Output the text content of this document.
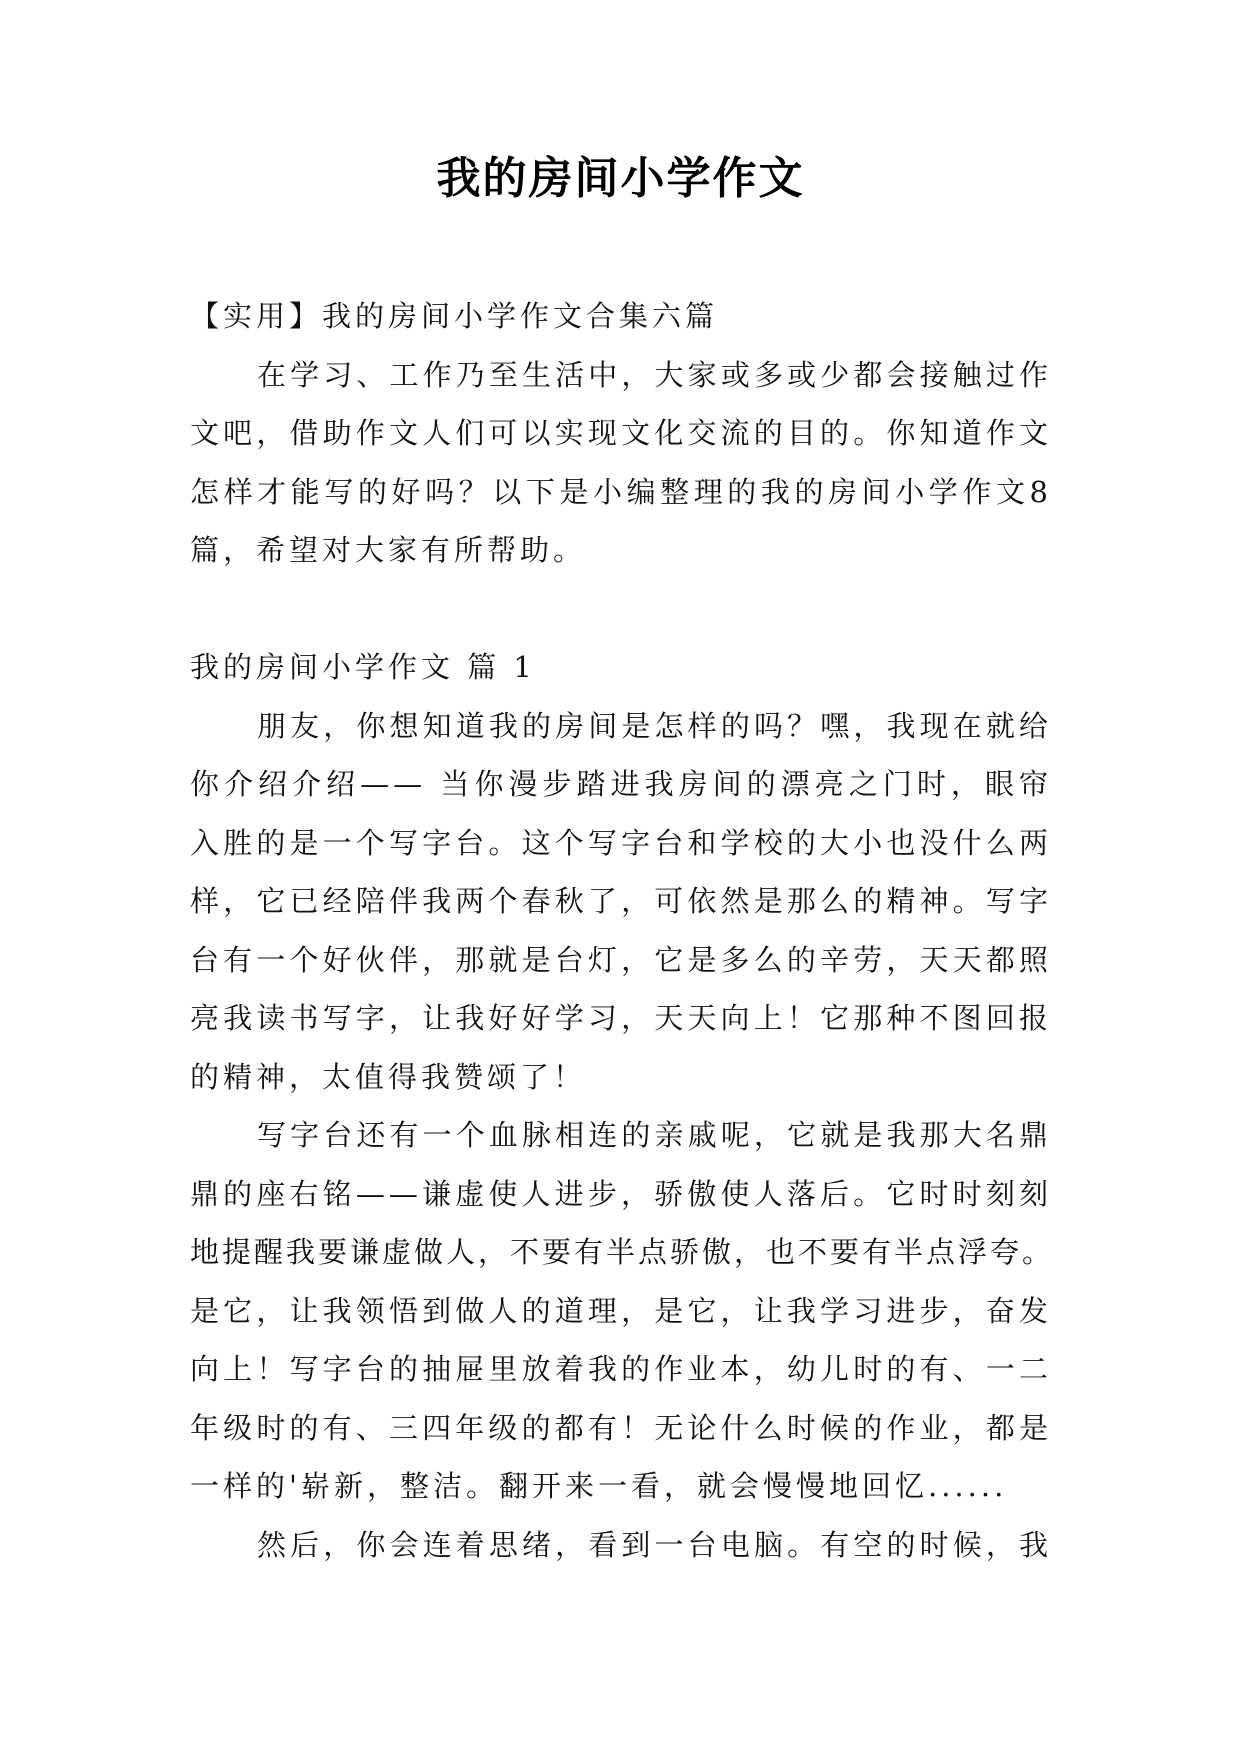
我的房间小学作文
【实用】我的房间小学作文合集六篇
在学习、工作乃至生活中，大家或多或少都会接触过作
文吧，借助作文人们可以实现文化交流的目的。你知道作文
怎样才能写的好吗？以下是小编整理的我的房间小学作文8
篇，希望对大家有所帮助。
我的房间小学作文 篇 1
朋友，你想知道我的房间是怎样的吗？嘿，我现在就给
你介绍介绍—— 当你漫步踏进我房间的漂亮之门时，眼帘
入胜的是一个写字台。这个写字台和学校的大小也没什么两
样，它已经陪伴我两个春秋了，可依然是那么的精神。写字
台有一个好伙伴，那就是台灯，它是多么的辛劳，天天都照
亮我读书写字，让我好好学习，天天向上！它那种不图回报
的精神，太值得我赞颂了！
写字台还有一个血脉相连的亲戚呢，它就是我那大名鼎
鼎的座右铭——谦虚使人进步，骄傲使人落后。它时时刻刻
地提醒我要谦虚做人，不要有半点骄傲，也不要有半点浮夸。
是它，让我领悟到做人的道理，是它，让我学习进步，奋发
向上！写字台的抽屉里放着我的作业本，幼儿时的有、一二
年级时的有、三四年级的都有！无论什么时候的作业，都是
一样的'崭新，整洁。翻开来一看，就会慢慢地回忆......
然后，你会连着思绪，看到一台电脑。有空的时候，我
